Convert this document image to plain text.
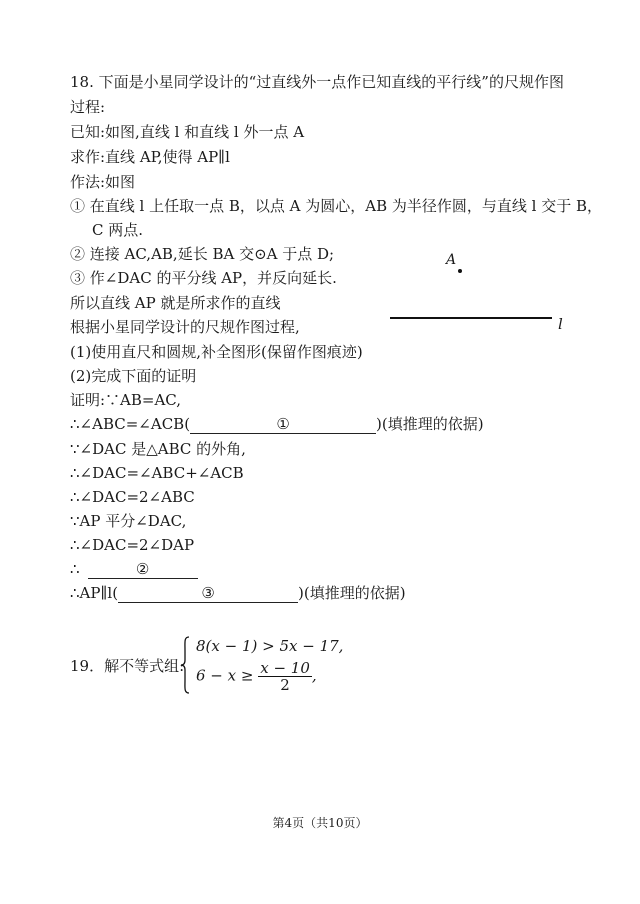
18. 下面是小星同学设计的“过直线外一点作已知直线的平行线”的尺规作图
过程:
已知:如图,直线 l 和直线 l 外一点 A
求作:直线 AP,使得 AP∥l
作法:如图
① 在直线 l 上任取一点 B，以点 A 为圆心，AB 为半径作圆，与直线 l 交于 B，
C 两点.
② 连接 AC,AB,延长 BA 交⊙A 于点 D;
③ 作∠DAC 的平分线 AP，并反向延长.
所以直线 AP 就是所求作的直线
根据小星同学设计的尺规作图过程,
(1)使用直尺和圆规,补全图形(保留作图痕迹)
(2)完成下面的证明
A
l
证明:∵AB=AC,
∴∠ABC=∠ACB(	①	)(填推理的依据)
∵∠DAC 是△ABC 的外角,
∴∠DAC=∠ABC+∠ACB
∴∠DAC=2∠ABC
∵AP 平分∠DAC,
∴∠DAC=2∠DAP
∴	②
∴AP∥l(	③	)(填推理的依据)
19．解不等式组:
8(x − 1) > 5x − 17,
$6 - x \ge \frac{x - 10}{2}$ ,
第4页（共10页）
